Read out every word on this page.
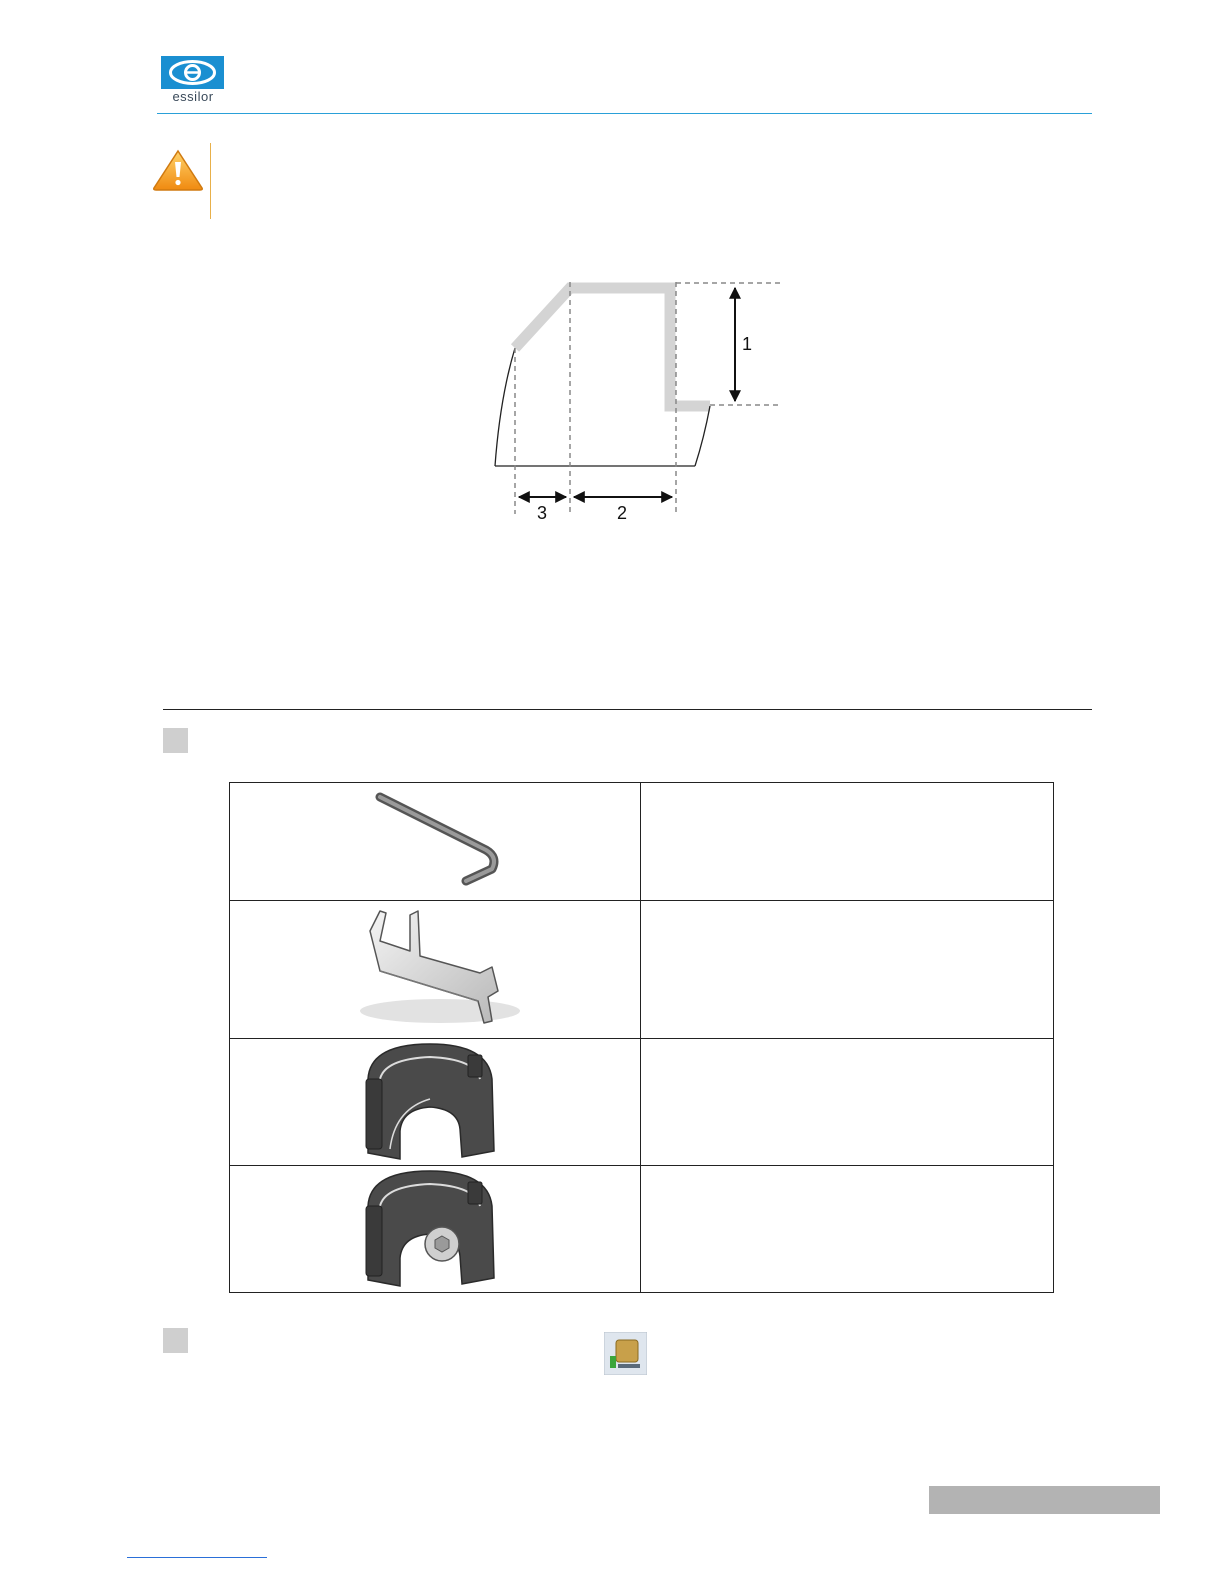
essilor
1
2
3
